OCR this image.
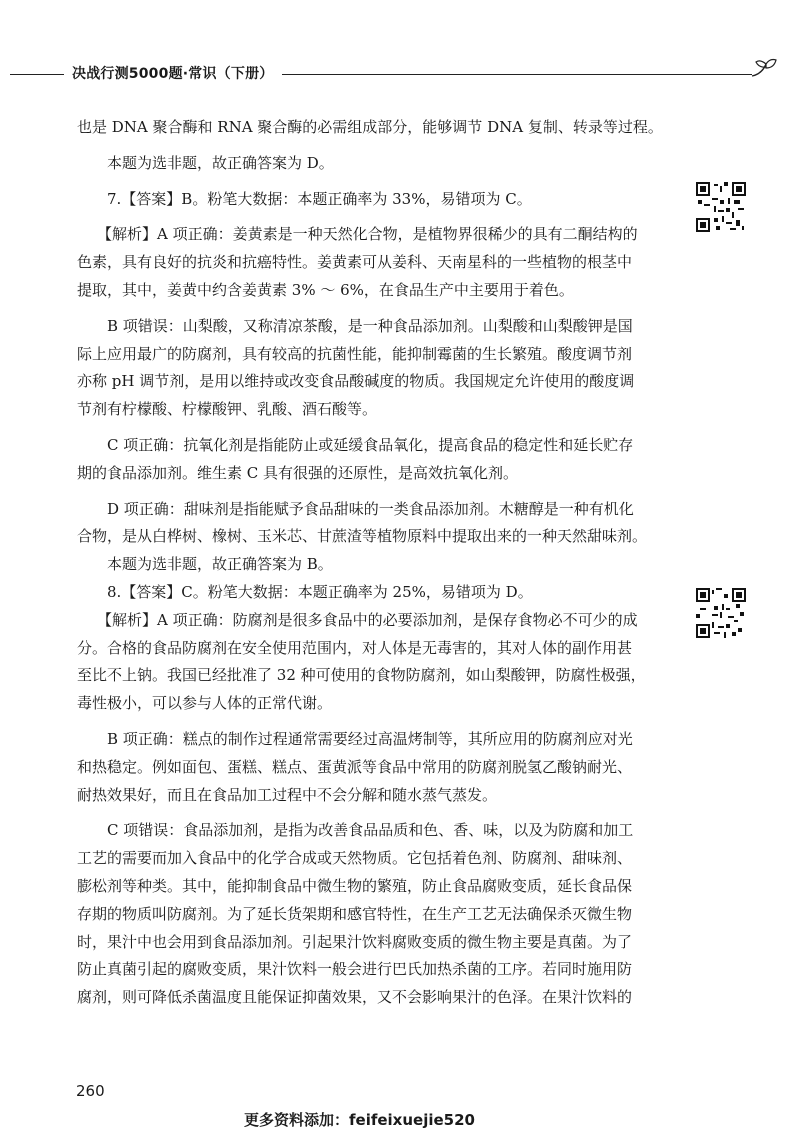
决战行测5000题·常识（下册）

也是 DNA 聚合酶和 RNA 聚合酶的必需组成部分，能够调节 DNA 复制、转录等过程。

本题为选非题，故正确答案为 D。

7.【答案】B。粉笔大数据：本题正确率为 33%，易错项为 C。

【解析】A 项正确：姜黄素是一种天然化合物，是植物界很稀少的具有二酮结构的

色素，具有良好的抗炎和抗癌特性。姜黄素可从姜科、天南星科的一些植物的根茎中

提取，其中，姜黄中约含姜黄素 3% ～ 6%，在食品生产中主要用于着色。

B 项错误：山梨酸，又称清凉茶酸，是一种食品添加剂。山梨酸和山梨酸钾是国

际上应用最广的防腐剂，具有较高的抗菌性能，能抑制霉菌的生长繁殖。酸度调节剂

亦称 pH 调节剂，是用以维持或改变食品酸碱度的物质。我国规定允许使用的酸度调

节剂有柠檬酸、柠檬酸钾、乳酸、酒石酸等。

C 项正确：抗氧化剂是指能防止或延缓食品氧化，提高食品的稳定性和延长贮存

期的食品添加剂。维生素 C 具有很强的还原性，是高效抗氧化剂。

D 项正确：甜味剂是指能赋予食品甜味的一类食品添加剂。木糖醇是一种有机化

合物，是从白桦树、橡树、玉米芯、甘蔗渣等植物原料中提取出来的一种天然甜味剂。

本题为选非题，故正确答案为 B。

8.【答案】C。粉笔大数据：本题正确率为 25%，易错项为 D。

【解析】A 项正确：防腐剂是很多食品中的必要添加剂，是保存食物必不可少的成

分。合格的食品防腐剂在安全使用范围内，对人体是无毒害的，其对人体的副作用甚

至比不上钠。我国已经批准了 32 种可使用的食物防腐剂，如山梨酸钾，防腐性极强，

毒性极小，可以参与人体的正常代谢。

B 项正确：糕点的制作过程通常需要经过高温烤制等，其所应用的防腐剂应对光

和热稳定。例如面包、蛋糕、糕点、蛋黄派等食品中常用的防腐剂脱氢乙酸钠耐光、

耐热效果好，而且在食品加工过程中不会分解和随水蒸气蒸发。

C 项错误：食品添加剂，是指为改善食品品质和色、香、味，以及为防腐和加工

工艺的需要而加入食品中的化学合成或天然物质。它包括着色剂、防腐剂、甜味剂、

膨松剂等种类。其中，能抑制食品中微生物的繁殖，防止食品腐败变质，延长食品保

存期的物质叫防腐剂。为了延长货架期和感官特性，在生产工艺无法确保杀灭微生物

时，果汁中也会用到食品添加剂。引起果汁饮料腐败变质的微生物主要是真菌。为了

防止真菌引起的腐败变质，果汁饮料一般会进行巴氏加热杀菌的工序。若同时施用防

腐剂，则可降低杀菌温度且能保证抑菌效果，又不会影响果汁的色泽。在果汁饮料的

260
更多资料添加：feifeixuejie520
